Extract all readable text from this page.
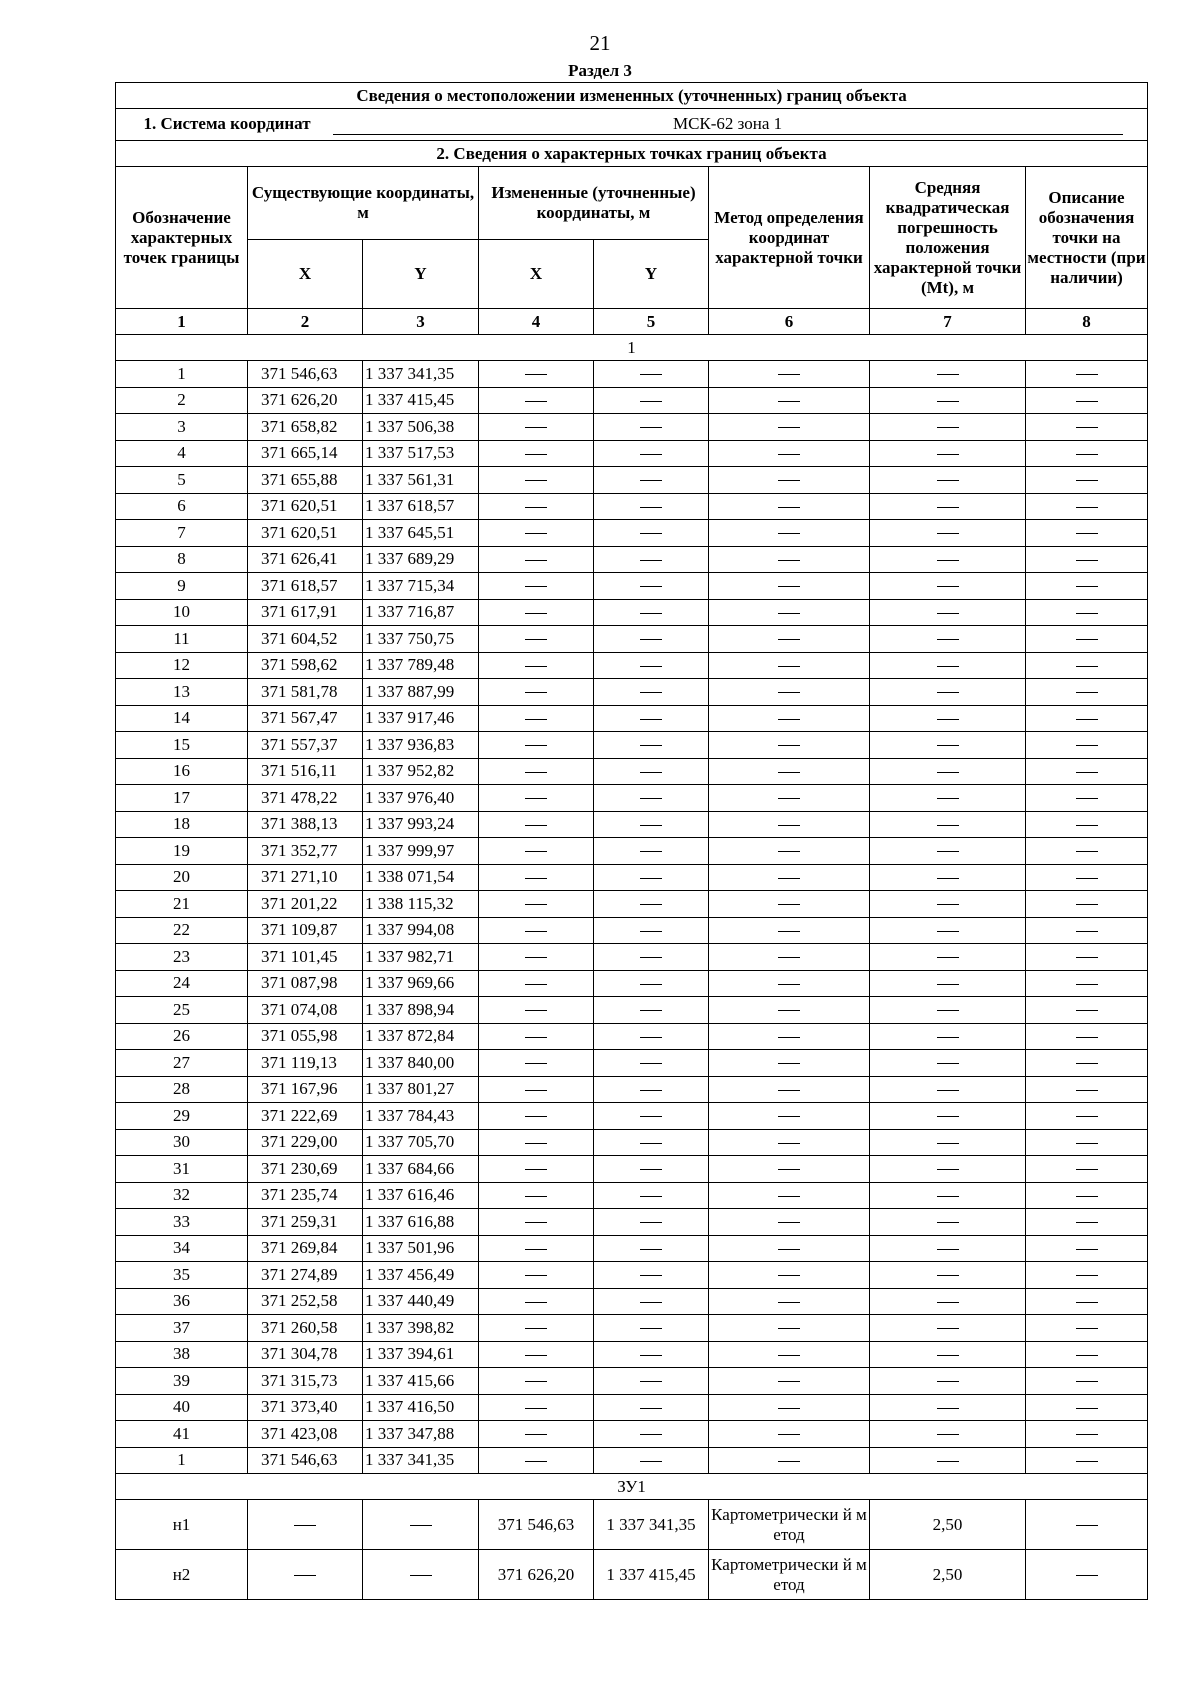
21
Раздел 3
Сведения о местоположении измененных (уточненных) границ объекта							
1. Система координат МСК-62 зона 1							
2. Сведения о характерных точках границ объекта							
Обозначение характерных точек границы	Существующие координаты, м		Измененные (уточненные) координаты, м		Метод определения координат характерной точки	Средняя квадратическая погрешность положения характерной точки (Mt), м	Описание обозначения точки на местности (при наличии)
	X	Y	X	Y			
1	2	3	4	5	6	7	8
1							
1	371 546,63	1 337 341,35					
2	371 626,20	1 337 415,45					
3	371 658,82	1 337 506,38					
4	371 665,14	1 337 517,53					
5	371 655,88	1 337 561,31					
6	371 620,51	1 337 618,57					
7	371 620,51	1 337 645,51					
8	371 626,41	1 337 689,29					
9	371 618,57	1 337 715,34					
10	371 617,91	1 337 716,87					
11	371 604,52	1 337 750,75					
12	371 598,62	1 337 789,48					
13	371 581,78	1 337 887,99					
14	371 567,47	1 337 917,46					
15	371 557,37	1 337 936,83					
16	371 516,11	1 337 952,82					
17	371 478,22	1 337 976,40					
18	371 388,13	1 337 993,24					
19	371 352,77	1 337 999,97					
20	371 271,10	1 338 071,54					
21	371 201,22	1 338 115,32					
22	371 109,87	1 337 994,08					
23	371 101,45	1 337 982,71					
24	371 087,98	1 337 969,66					
25	371 074,08	1 337 898,94					
26	371 055,98	1 337 872,84					
27	371 119,13	1 337 840,00					
28	371 167,96	1 337 801,27					
29	371 222,69	1 337 784,43					
30	371 229,00	1 337 705,70					
31	371 230,69	1 337 684,66					
32	371 235,74	1 337 616,46					
33	371 259,31	1 337 616,88					
34	371 269,84	1 337 501,96					
35	371 274,89	1 337 456,49					
36	371 252,58	1 337 440,49					
37	371 260,58	1 337 398,82					
38	371 304,78	1 337 394,61					
39	371 315,73	1 337 415,66					
40	371 373,40	1 337 416,50					
41	371 423,08	1 337 347,88					
1	371 546,63	1 337 341,35					
ЗУ1							
н1			371 546,63	1 337 341,35	Картометрически й метод	2,50	
н2			371 626,20	1 337 415,45	Картометрически й метод	2,50	
